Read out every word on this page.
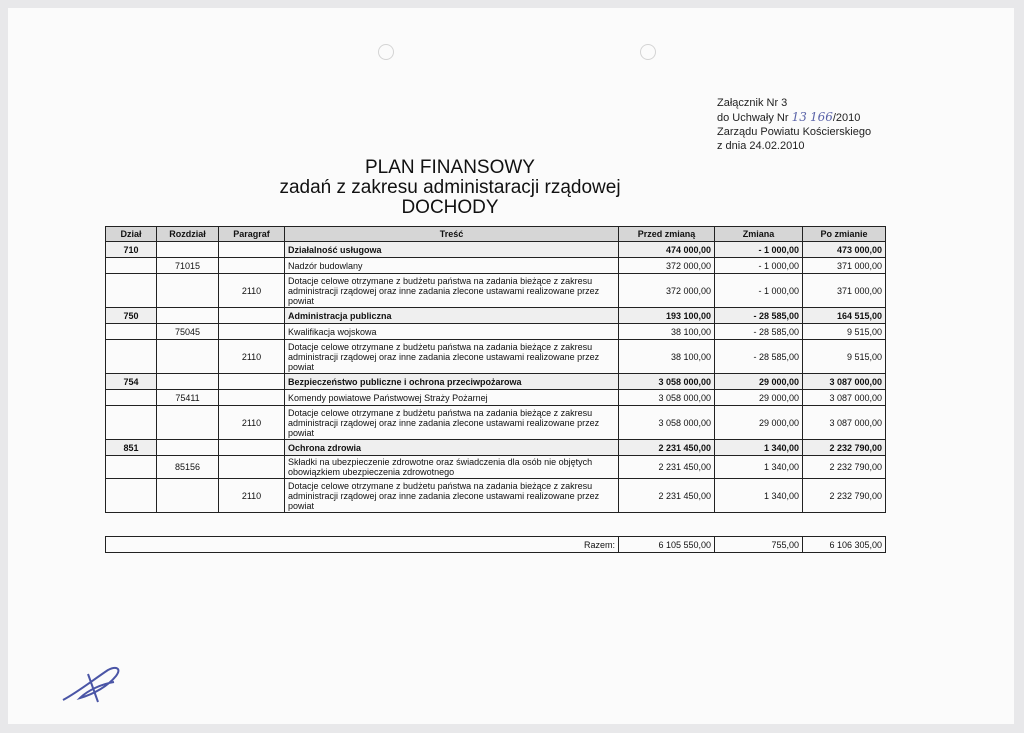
Załącznik Nr 3
do Uchwały Nr 13 166/2010
Zarządu Powiatu Kościerskiego
z dnia 24.02.2010
PLAN FINANSOWY
zadań z zakresu administaracji rządowej
DOCHODY
Dział	Rozdział	Paragraf	Treść	Przed zmianą	Zmiana	Po zmianie
710			Działalność usługowa	474 000,00	- 1 000,00	473 000,00
	71015		Nadzór budowlany	372 000,00	- 1 000,00	371 000,00
		2110	Dotacje celowe otrzymane z budżetu państwa na zadania bieżące z zakresu administracji rządowej oraz inne zadania zlecone ustawami realizowane przez powiat	372 000,00	- 1 000,00	371 000,00
750			Administracja publiczna	193 100,00	- 28 585,00	164 515,00
	75045		Kwalifikacja wojskowa	38 100,00	- 28 585,00	9 515,00
		2110	Dotacje celowe otrzymane z budżetu państwa na zadania bieżące z zakresu administracji rządowej oraz inne zadania zlecone ustawami realizowane przez powiat	38 100,00	- 28 585,00	9 515,00
754			Bezpieczeństwo publiczne i ochrona przeciwpożarowa	3 058 000,00	29 000,00	3 087 000,00
	75411		Komendy powiatowe Państwowej Straży Pożarnej	3 058 000,00	29 000,00	3 087 000,00
		2110	Dotacje celowe otrzymane z budżetu państwa na zadania bieżące z zakresu administracji rządowej oraz inne zadania zlecone ustawami realizowane przez powiat	3 058 000,00	29 000,00	3 087 000,00
851			Ochrona zdrowia	2 231 450,00	1 340,00	2 232 790,00
	85156		Składki na ubezpieczenie zdrowotne oraz świadczenia dla osób nie objętych obowiązkiem ubezpieczenia zdrowotnego	2 231 450,00	1 340,00	2 232 790,00
		2110	Dotacje celowe otrzymane z budżetu państwa na zadania bieżące z zakresu administracji rządowej oraz inne zadania zlecone ustawami realizowane przez powiat	2 231 450,00	1 340,00	2 232 790,00
Razem:	6 105 550,00	755,00	6 106 305,00
